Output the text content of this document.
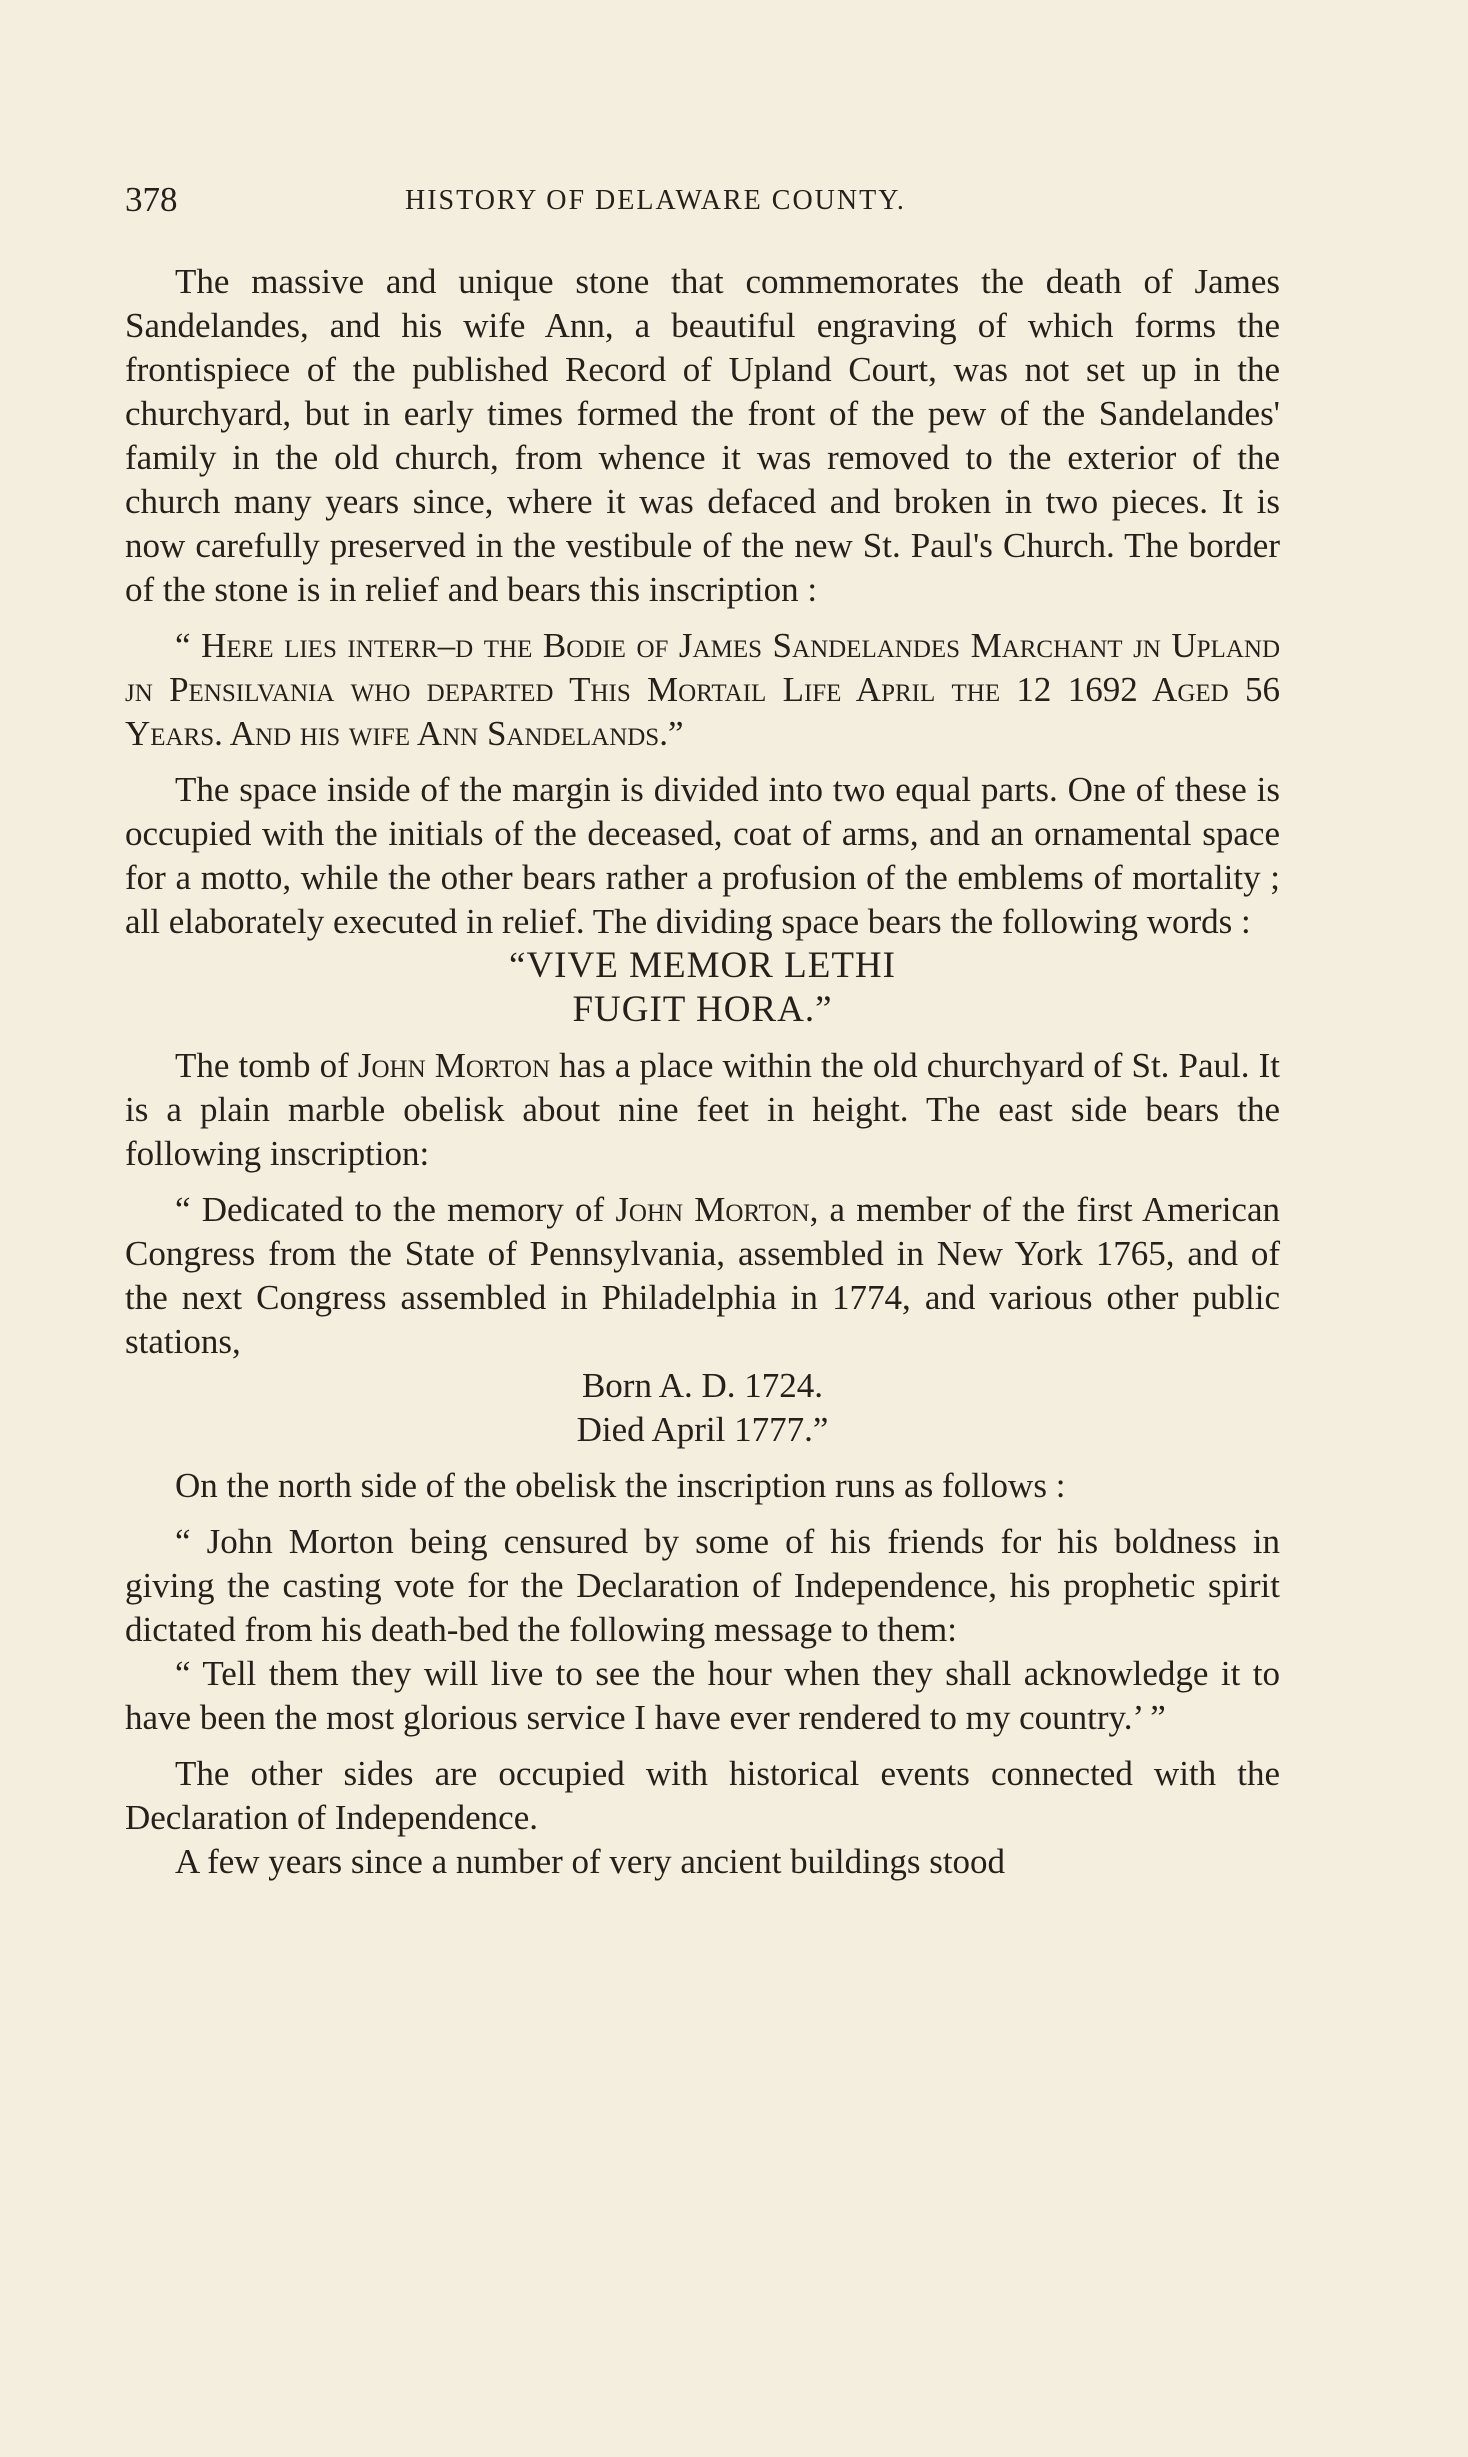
378	HISTORY OF DELAWARE COUNTY.

The massive and unique stone that commemorates the death of James Sandelandes, and his wife Ann, a beautiful engraving of which forms the frontispiece of the published Record of Upland Court, was not set up in the churchyard, but in early times formed the front of the pew of the Sandelandes' family in the old church, from whence it was removed to the exterior of the church many years since, where it was defaced and broken in two pieces. It is now carefully preserved in the vestibule of the new St. Paul's Church. The border of the stone is in relief and bears this inscription :

“ Here lies interr–d the Bodie of James Sandelandes Marchant jn Upland jn Pensilvania who departed This Mortail Life April the 12 1692 Aged 56 Years. And his wife Ann Sandelands.”

The space inside of the margin is divided into two equal parts. One of these is occupied with the initials of the deceased, coat of arms, and an ornamental space for a motto, while the other bears rather a profusion of the emblems of mortality ; all elaborately executed in relief. The dividing space bears the following words :

“VIVE MEMOR LETHI

FUGIT HORA.”

The tomb of John Morton has a place within the old churchyard of St. Paul. It is a plain marble obelisk about nine feet in height. The east side bears the following inscription:

“ Dedicated to the memory of John Morton, a member of the first American Congress from the State of Pennsylvania, assembled in New York 1765, and of the next Congress assembled in Philadelphia in 1774, and various other public stations,

Born A. D. 1724.

Died April 1777.”

On the north side of the obelisk the inscription runs as follows :

“ John Morton being censured by some of his friends for his boldness in giving the casting vote for the Declaration of Independence, his prophetic spirit dictated from his death-bed the following message to them:

“ Tell them they will live to see the hour when they shall acknowledge it to have been the most glorious service I have ever rendered to my country.’ ”

The other sides are occupied with historical events connected with the Declaration of Independence.

A few years since a number of very ancient buildings stood
